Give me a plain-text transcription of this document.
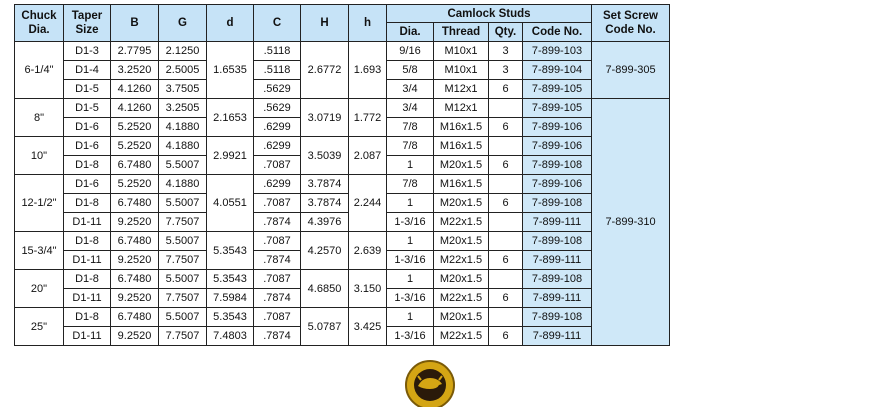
Chuck Dia.	Taper Size	B	G	d	C	H	h	Camlock Studs				Set Screw Code No.
								Dia.	Thread	Qty.	Code No.	
6-1/4"	D1-3	2.7795	2.1250	1.6535	.5118	2.6772	1.693	9/16	M10x1	3	7-899-103	7-899-305
	D1-4	3.2520	2.5005		.5118			5/8	M10x1	3	7-899-104	
	D1-5	4.1260	3.7505		.5629			3/4	M12x1	6	7-899-105	
8"	D1-5	4.1260	3.2505	2.1653	.5629	3.0719	1.772	3/4	M12x1		7-899-105	7-899-310
	D1-6	5.2520	4.1880		.6299			7/8	M16x1.5	6	7-899-106	
10"	D1-6	5.2520	4.1880	2.9921	.6299	3.5039	2.087	7/8	M16x1.5		7-899-106	
	D1-8	6.7480	5.5007		.7087			1	M20x1.5	6	7-899-108	
12-1/2"	D1-6	5.2520	4.1880	4.0551	.6299	3.7874	2.244	7/8	M16x1.5		7-899-106	
	D1-8	6.7480	5.5007		.7087	3.7874		1	M20x1.5	6	7-899-108	
	D1-11	9.2520	7.7507		.7874	4.3976		1-3/16	M22x1.5		7-899-111	
15-3/4"	D1-8	6.7480	5.5007	5.3543	.7087	4.2570	2.639	1	M20x1.5		7-899-108	
	D1-11	9.2520	7.7507		.7874			1-3/16	M22x1.5	6	7-899-111	
20"	D1-8	6.7480	5.5007	5.3543	.7087	4.6850	3.150	1	M20x1.5		7-899-108	
	D1-11	9.2520	7.7507	7.5984	.7874			1-3/16	M22x1.5	6	7-899-111	
25"	D1-8	6.7480	5.5007	5.3543	.7087	5.0787	3.425	1	M20x1.5		7-899-108	
	D1-11	9.2520	7.7507	7.4803	.7874			1-3/16	M22x1.5	6	7-899-111	
